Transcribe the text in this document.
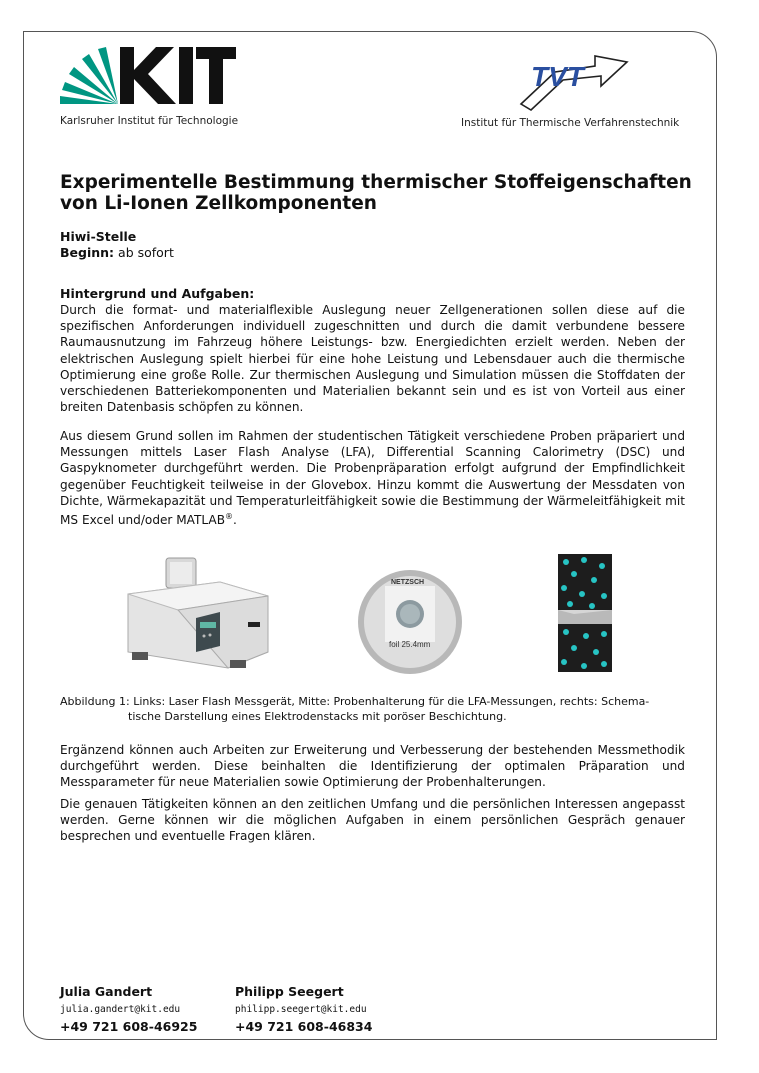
KIT
Karlsruher Institut für Technologie
TVT
Institut für Thermische Verfahrenstechnik
Experimentelle Bestimmung thermischer Stoffeigenschaften von Li-Ionen Zellkomponenten
Hiwi-Stelle
Beginn: ab sofort
Hintergrund und Aufgaben:

Durch die format- und materialflexible Auslegung neuer Zellgenerationen sollen diese auf die spezifischen Anforderungen individuell zugeschnitten und durch die damit verbundene bessere Raumausnutzung im Fahrzeug höhere Leistungs- bzw. Energiedichten erzielt werden. Neben der elektrischen Auslegung spielt hierbei für eine hohe Leistung und Lebensdauer auch die thermische Optimierung eine große Rolle. Zur thermischen Auslegung und Simulation müssen die Stoffdaten der verschiedenen Batteriekomponenten und Materialien bekannt sein und es ist von Vorteil aus einer breiten Datenbasis schöpfen zu können.

Aus diesem Grund sollen im Rahmen der studentischen Tätigkeit verschiedene Proben präpariert und Messungen mittels Laser Flash Analyse (LFA), Differential Scanning Calorimetry (DSC) und Gaspyknometer durchgeführt werden. Die Probenpräparation erfolgt aufgrund der Empfindlichkeit gegenüber Feuchtigkeit teilweise in der Glovebox. Hinzu kommt die Auswertung der Messdaten von Dichte, Wärmekapazität und Temperaturleitfähigkeit sowie die Bestimmung der Wärmeleitfähigkeit mit MS Excel und/oder MATLAB®.

NETZSCH
foil 25.4mm
Abbildung 1: Links: Laser Flash Messgerät, Mitte: Probenhalterung für die LFA-Messungen, rechts: Schema-
tische Darstellung eines Elektrodenstacks mit poröser Beschichtung.

Ergänzend können auch Arbeiten zur Erweiterung und Verbesserung der bestehenden Messmethodik durchgeführt werden. Diese beinhalten die Identifizierung der optimalen Präparation und Messparameter für neue Materialien sowie Optimierung der Probenhalterungen.

Die genauen Tätigkeiten können an den zeitlichen Umfang und die persönlichen Interessen angepasst werden. Gerne können wir die möglichen Aufgaben in einem persönlichen Gespräch genauer besprechen und eventuelle Fragen klären.

Julia Gandert
julia.gandert@kit.edu
+49 721 608-46925
Philipp Seegert
philipp.seegert@kit.edu
+49 721 608-46834
